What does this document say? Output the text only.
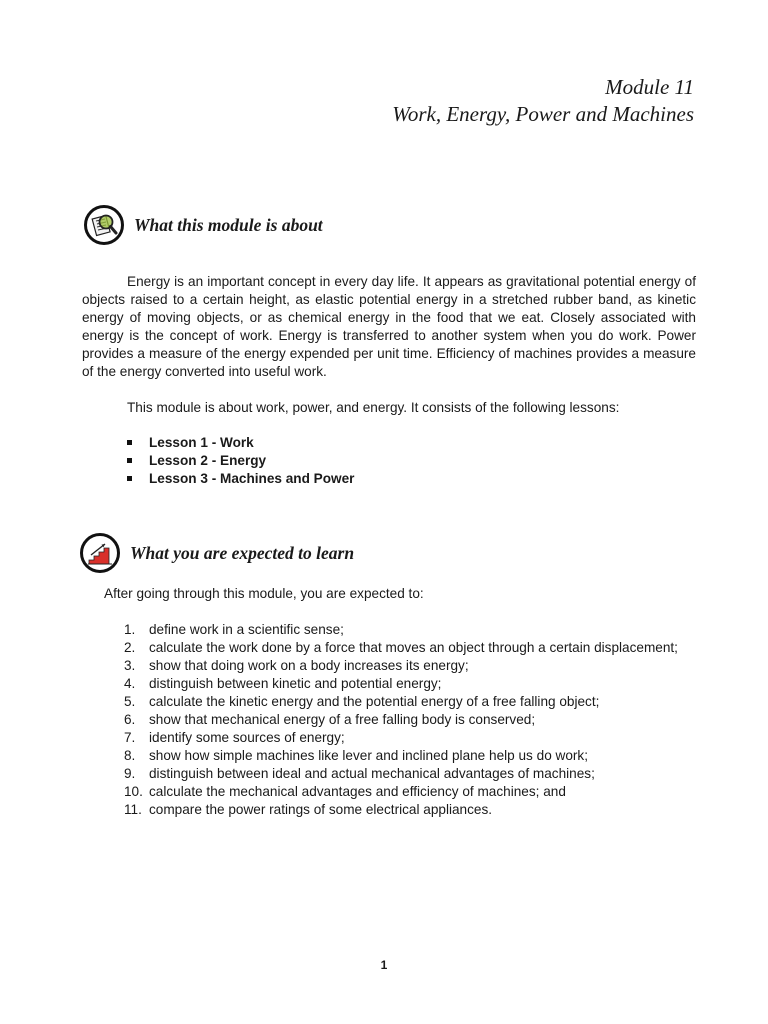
Module 11
Work, Energy, Power and Machines
What this module is about

Energy is an important concept in every day life. It appears as gravitational potential energy of objects raised to a certain height, as elastic potential energy in a stretched rubber band, as kinetic energy of moving objects, or as chemical energy in the food that we eat. Closely associated with energy is the concept of work. Energy is transferred to another system when you do work. Power provides a measure of the energy expended per unit time. Efficiency of machines provides a measure of the energy converted into useful work.

This module is about work, power, and energy. It consists of the following lessons:

Lesson 1 - Work
Lesson 2 - Energy
Lesson 3 - Machines and Power
What you are expected to learn

After going through this module, you are expected to:

1. define work in a scientific sense;
2. calculate the work done by a force that moves an object through a certain displacement;
3. show that doing work on a body increases its energy;
4. distinguish between kinetic and potential energy;
5. calculate the kinetic energy and the potential energy of a free falling object;
6. show that mechanical energy of a free falling body is conserved;
7. identify some sources of energy;
8. show how simple machines like lever and inclined plane help us do work;
9. distinguish between ideal and actual mechanical advantages of machines;
10. calculate the mechanical advantages and efficiency of machines; and
11. compare the power ratings of some electrical appliances.
1
